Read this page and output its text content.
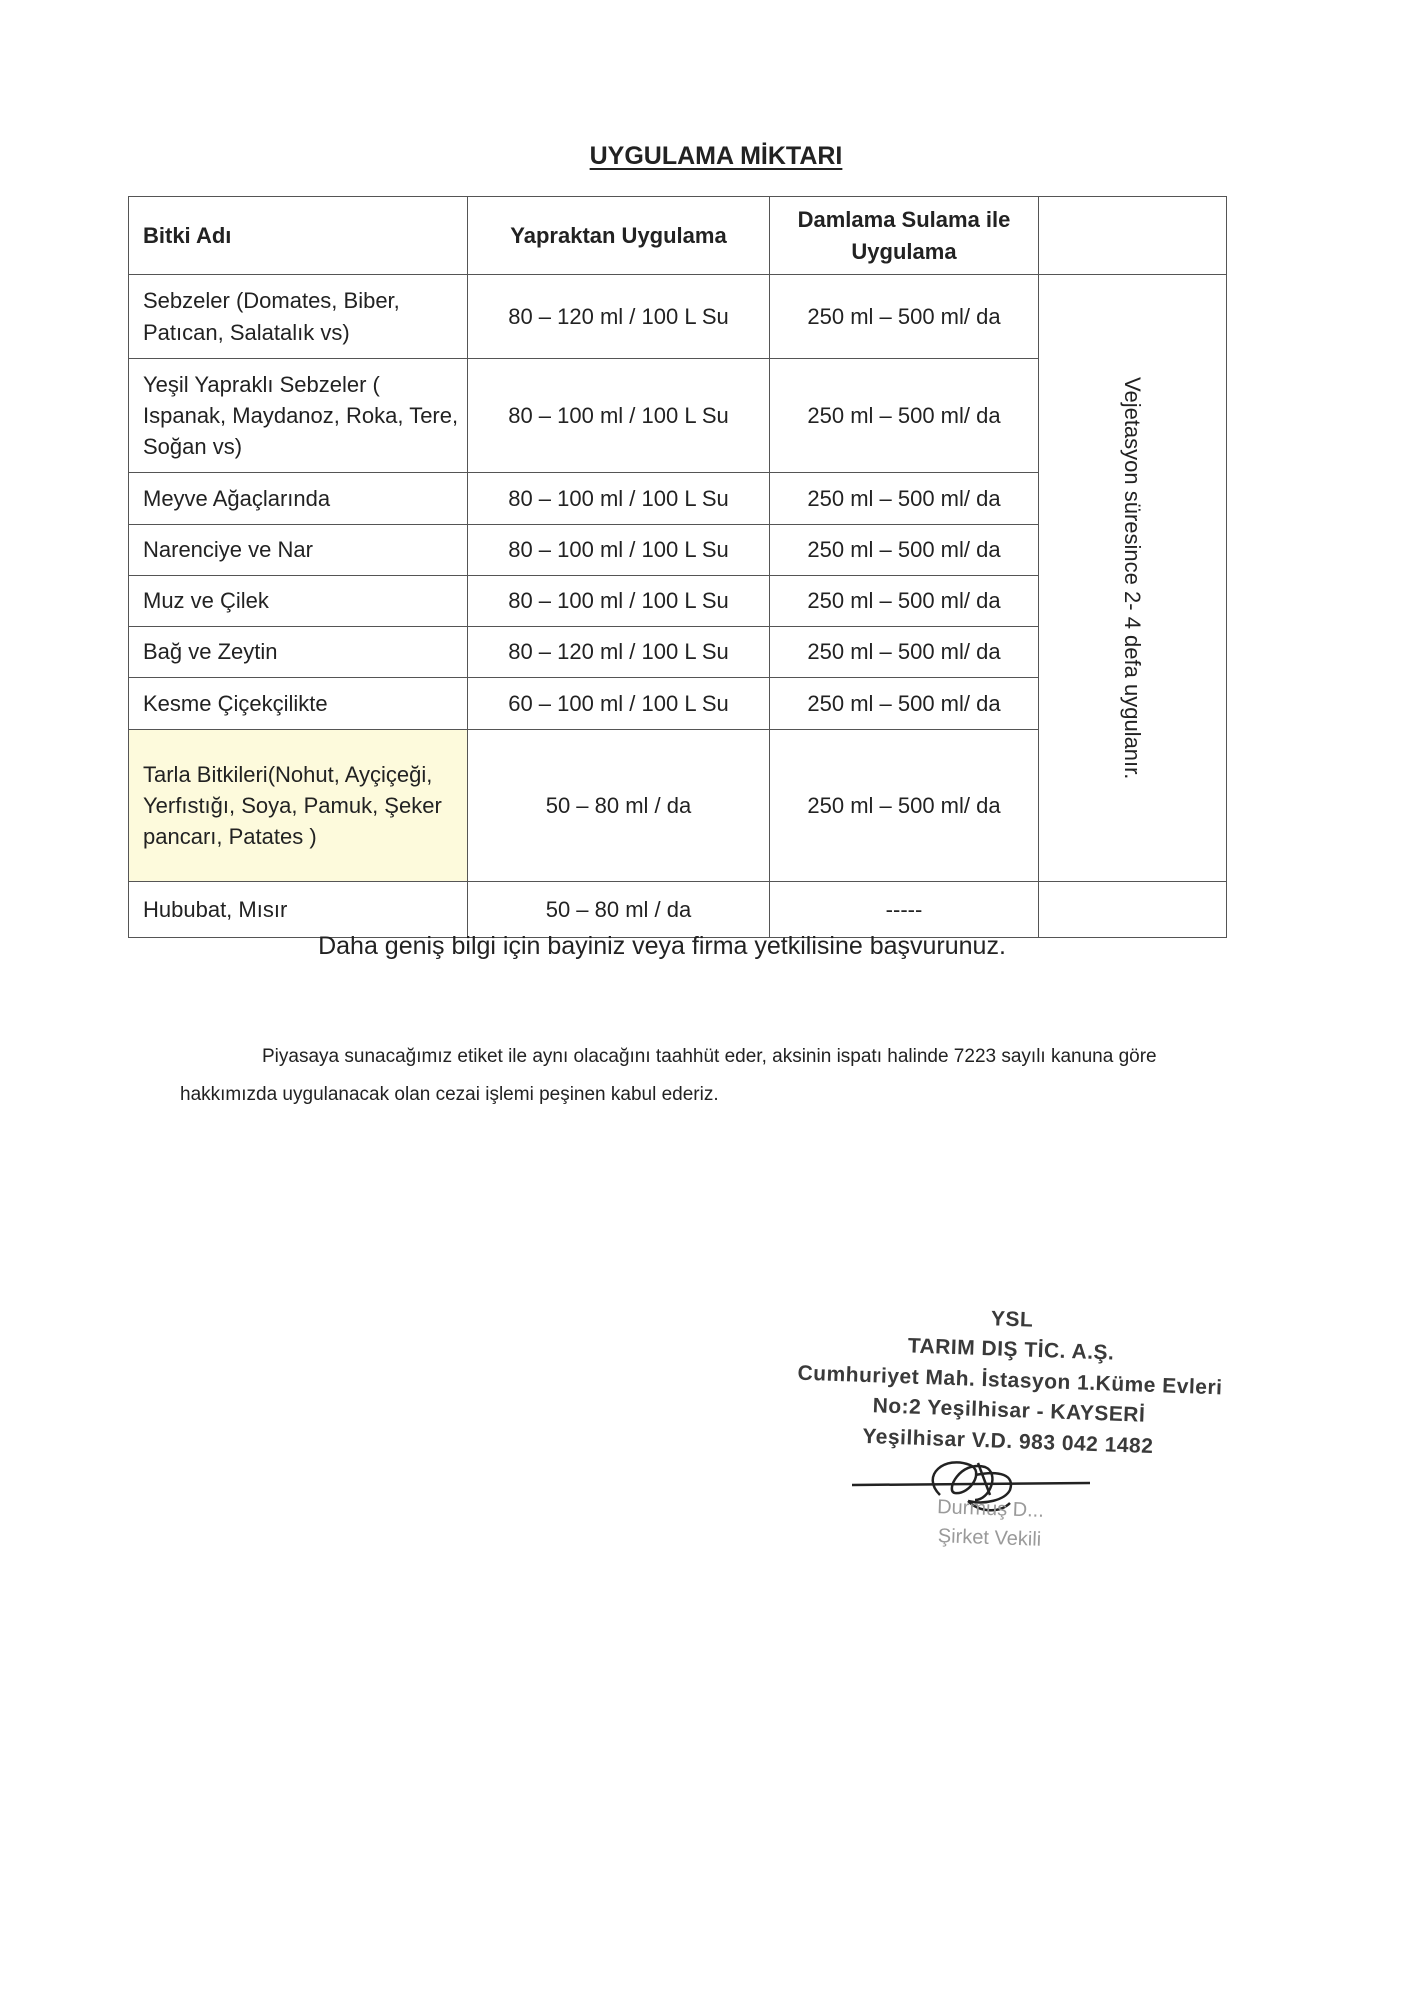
UYGULAMA MİKTARI
Bitki Adı	Yapraktan Uygulama	Damlama Sulama ile Uygulama	
Sebzeler (Domates, Biber, Patıcan, Salatalık vs)	80 – 120 ml / 100 L Su	250 ml – 500 ml/ da	Vejetasyon süresince 2- 4 defa uygulanır.

Yeşil Yapraklı Sebzeler ( Ispanak, Maydanoz, Roka, Tere, Soğan vs)	80 – 100 ml / 100 L Su	250 ml – 500 ml/ da	
Meyve Ağaçlarında	80 – 100 ml / 100 L Su	250 ml – 500 ml/ da	
Narenciye ve Nar	80 – 100 ml / 100 L Su	250 ml – 500 ml/ da	
Muz ve Çilek	80 – 100 ml / 100 L Su	250 ml – 500 ml/ da	
Bağ ve Zeytin	80 – 120 ml / 100 L Su	250 ml – 500 ml/ da	
Kesme Çiçekçilikte	60 – 100 ml / 100 L Su	250 ml – 500 ml/ da	
Tarla Bitkileri(Nohut, Ayçiçeği, Yerfıstığı, Soya, Pamuk, Şeker pancarı, Patates )	50 – 80 ml / da	250 ml – 500 ml/ da	
Hububat, Mısır	50 – 80 ml / da	-----	
Daha geniş bilgi için bayiniz veya firma yetkilisine başvurunuz.
Piyasaya sunacağımız etiket ile aynı olacağını taahhüt eder, aksinin ispatı halinde 7223 sayılı kanuna göre
hakkımızda uygulanacak olan cezai işlemi peşinen kabul ederiz.
YSL
TARIM DIŞ TİC. A.Ş.
Cumhuriyet Mah. İstasyon 1.Küme Evleri
No:2 Yeşilhisar - KAYSERİ
Yeşilhisar V.D. 983 042 1482
Durmuş D...
Şirket Vekili
